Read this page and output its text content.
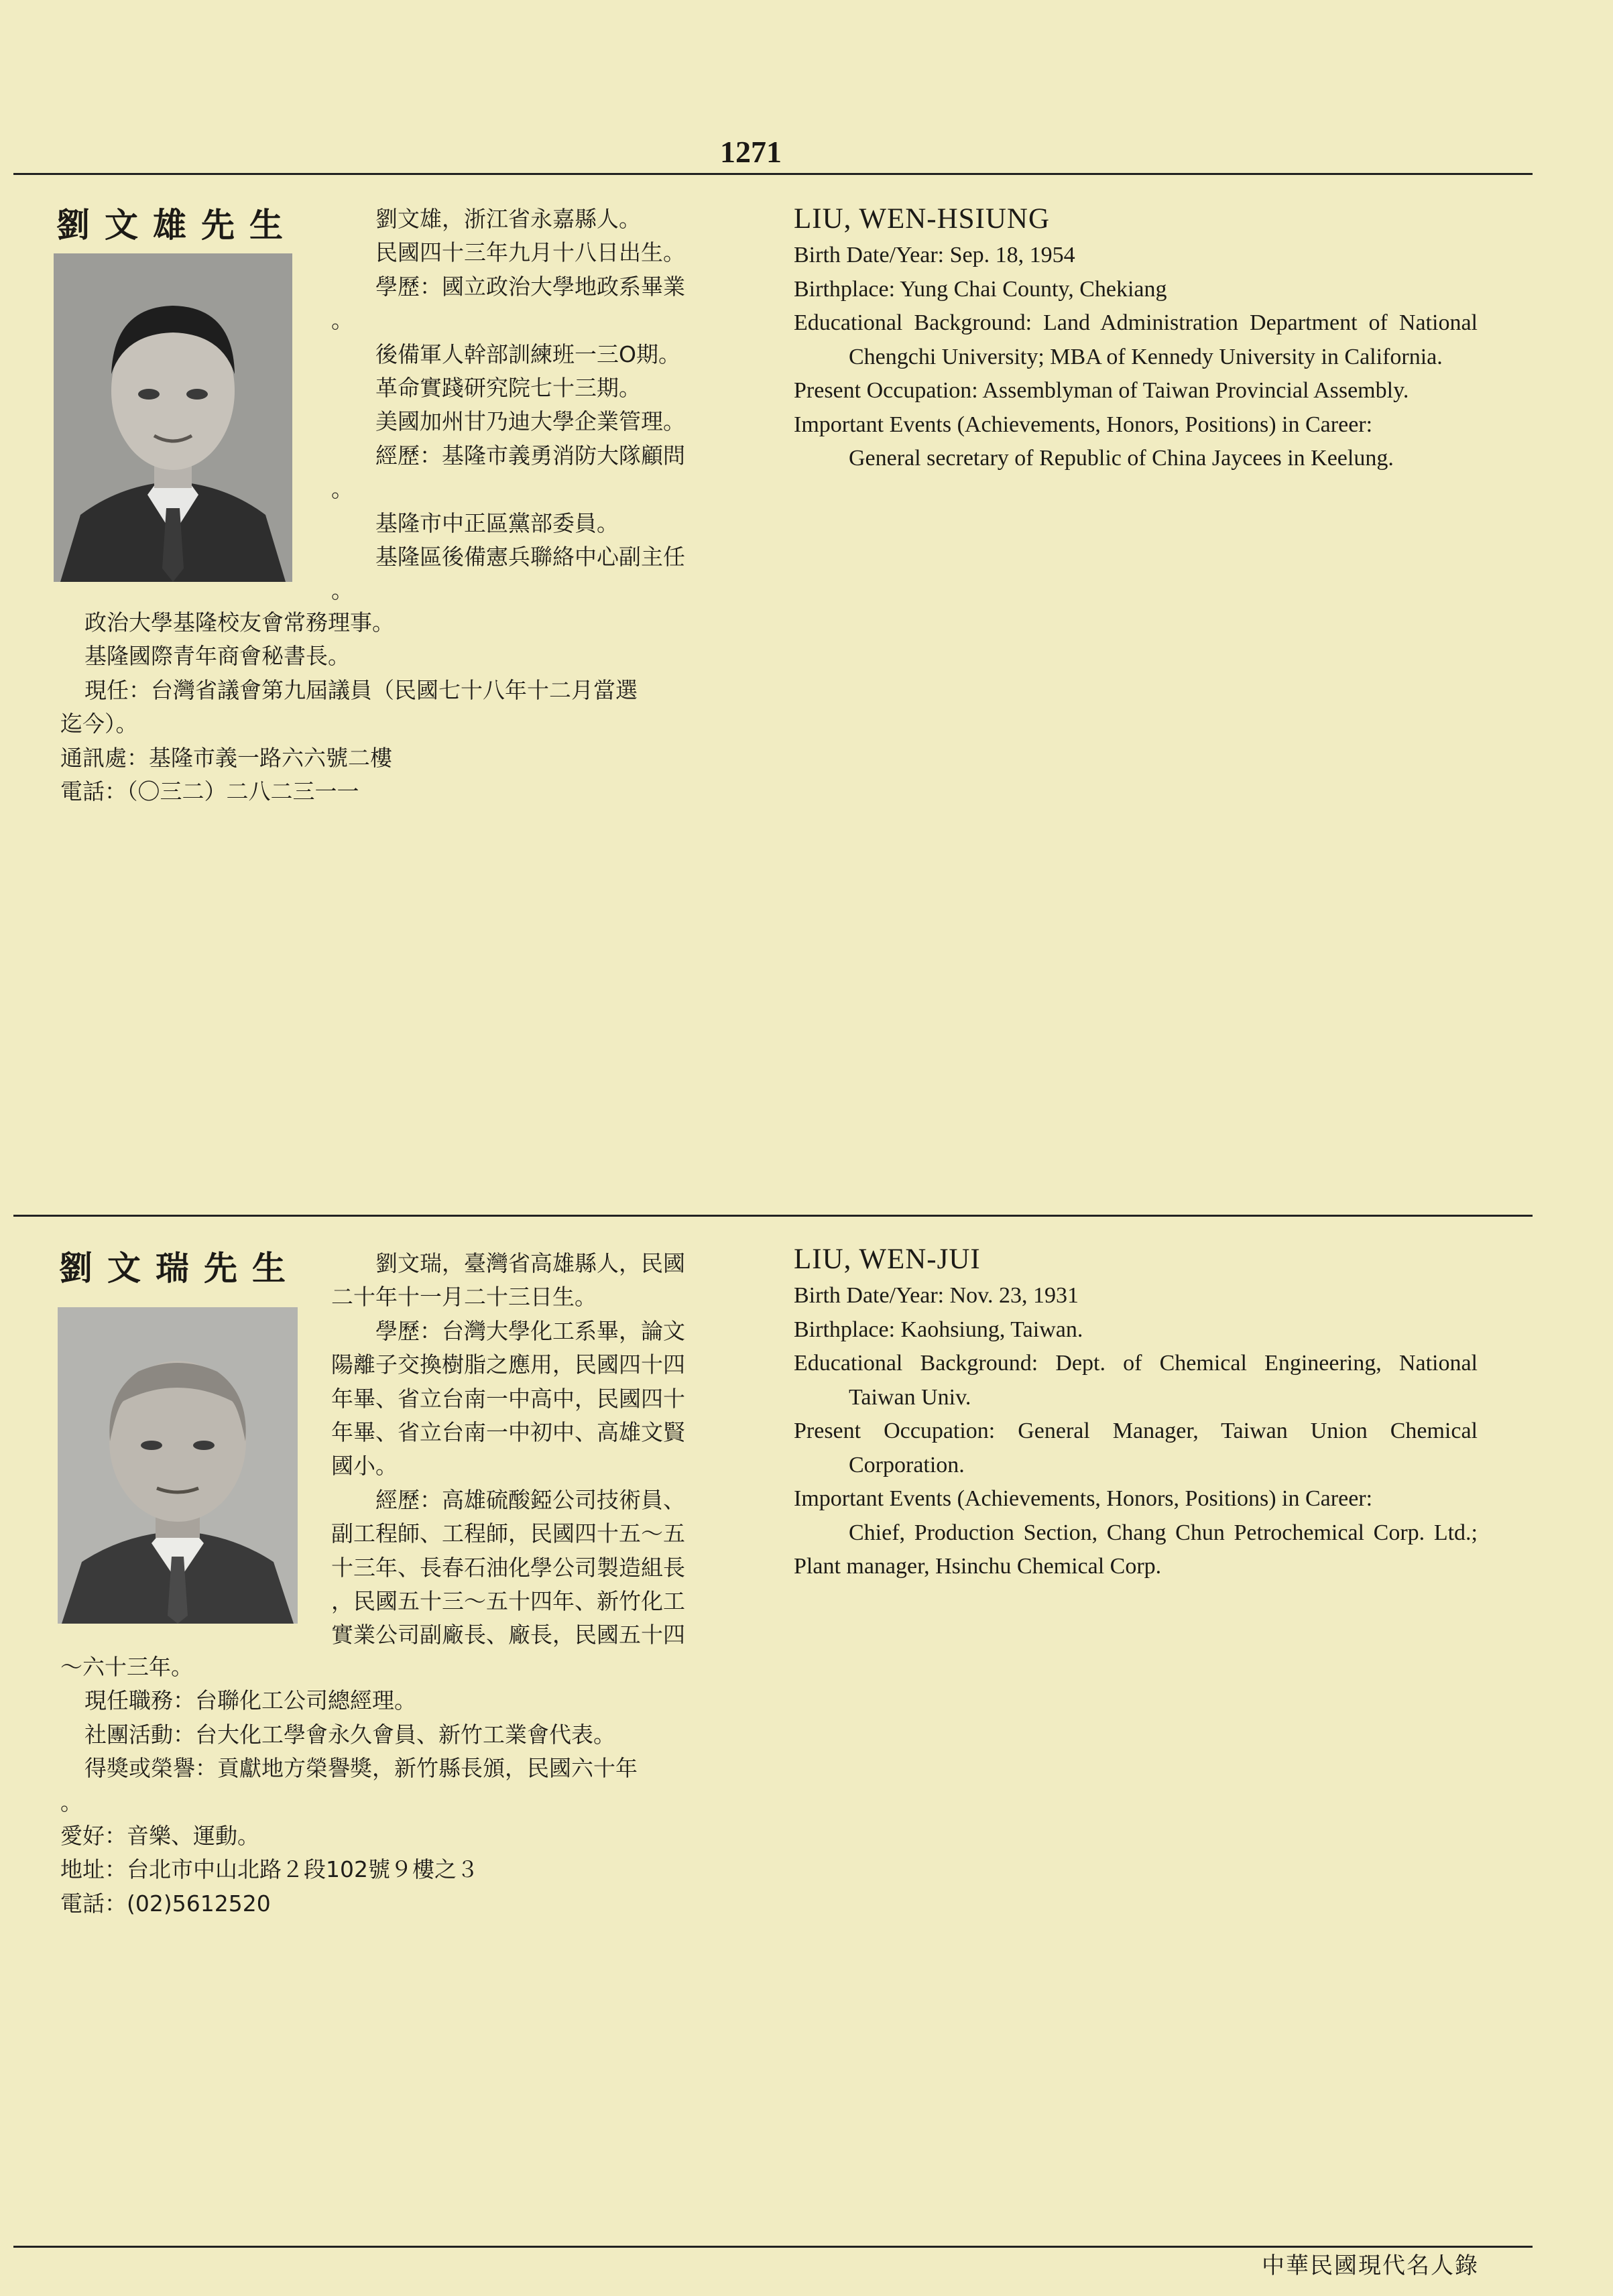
1271
劉文雄先生	劉文雄，浙江省永嘉縣人。
民國四十三年九月十八日出生。
學歷：國立政治大學地政系畢業
。
後備軍人幹部訓練班一三O期。
革命實踐研究院七十三期。
美國加州甘乃迪大學企業管理。
經歷：基隆市義勇消防大隊顧問
。
基隆市中正區黨部委員。
基隆區後備憲兵聯絡中心副主任
。
政治大學基隆校友會常務理事。
基隆國際青年商會秘書長。
現任：台灣省議會第九屆議員（民國七十八年十二月當選
迄今）。
通訊處：基隆市義一路六六號二樓
電話：（〇三二）二八二三一一
LIU, WEN-HSIUNG
Birth Date/Year: Sep. 18, 1954
Birthplace: Yung Chai County, Chekiang
Educational Background: Land Administration Department of National Chengchi University; MBA of Kennedy University in California.
Present Occupation: Assemblyman of Taiwan Provincial Assembly.
Important Events (Achievements, Honors, Positions) in Career:
General secretary of Republic of China Jaycees in Keelung.
劉文瑞先生	劉文瑞，臺灣省高雄縣人，民國
二十年十一月二十三日生。
學歷：台灣大學化工系畢，論文
陽離子交換樹脂之應用，民國四十四
年畢、省立台南一中高中，民國四十
年畢、省立台南一中初中、高雄文賢
國小。
經歷：高雄硫酸錏公司技術員、
副工程師、工程師，民國四十五～五
十三年、長春石油化學公司製造組長
，民國五十三～五十四年、新竹化工
實業公司副廠長、廠長，民國五十四
～六十三年。
現任職務：台聯化工公司總經理。
社團活動：台大化工學會永久會員、新竹工業會代表。
得獎或榮譽：貢獻地方榮譽獎，新竹縣長頒，民國六十年
。
愛好：音樂、運動。
地址：台北市中山北路２段102號９樓之３
電話：(02)5612520
LIU, WEN-JUI
Birth Date/Year: Nov. 23, 1931
Birthplace: Kaohsiung, Taiwan.
Educational Background: Dept. of Chemical Engineering, National Taiwan Univ.
Present Occupation: General Manager, Taiwan Union Chemical Corporation.
Important Events (Achievements, Honors, Positions) in Career:
Chief, Production Section, Chang Chun Petrochemical Corp. Ltd.; Plant manager, Hsinchu Chemical Corp.
中華民國現代名人錄
